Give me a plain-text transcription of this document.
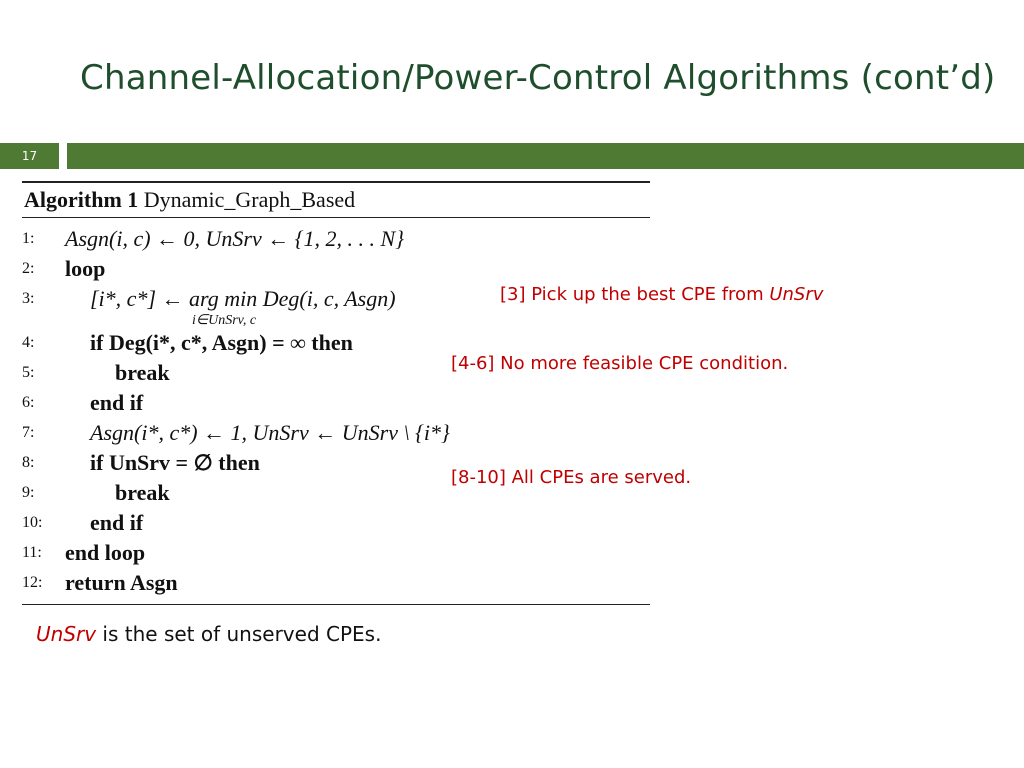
Channel-Allocation/Power-Control Algorithms (cont’d)
17
Algorithm 1 Dynamic_Graph_Based
1:	Asgn(i, c) ← 0, UnSrv ← {1, 2, . . . N}
2:	loop
3:	[i*, c*] ← arg min Deg(i, c, Asgn)
i∈UnSrv, c
4:	if Deg(i*, c*, Asgn) = ∞ then
5:	break
6:	end if
7:	Asgn(i*, c*) ← 1, UnSrv ← UnSrv \ {i*}
8:	if UnSrv = ∅ then
9:	break
10:	end if
11:	end loop
12:	return Asgn
[3] Pick up the best CPE from UnSrv
[4-6] No more feasible CPE condition.
[8-10] All CPEs are served.
UnSrv is the set of unserved CPEs.
